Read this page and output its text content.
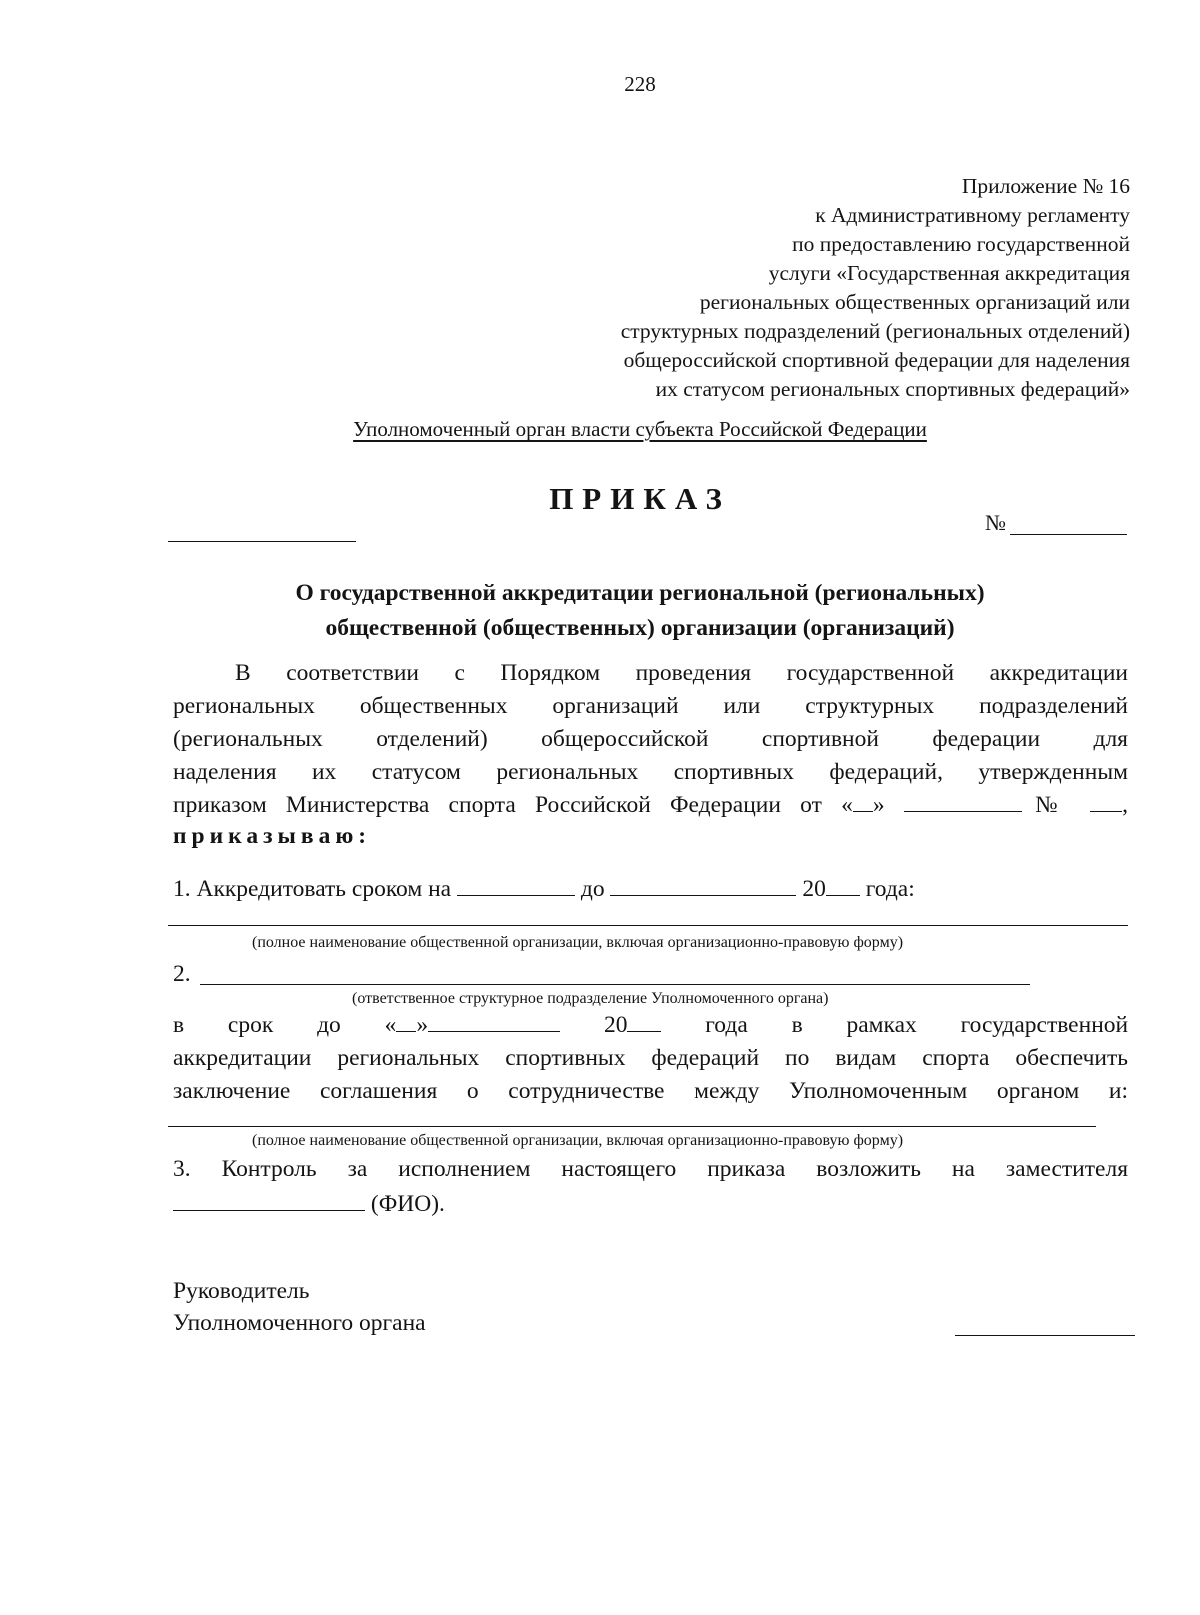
228
Приложение № 16
к Административному регламенту
по предоставлению государственной
услуги «Государственная аккредитация
региональных общественных организаций или
структурных подразделений (региональных отделений)
общероссийской спортивной федерации для наделения
их статусом региональных спортивных федераций»
Уполномоченный орган власти субъекта Российской Федерации
ПРИКАЗ
№
О государственной аккредитации региональной (региональных)
общественной (общественных) организации (организаций)
В соответствии с Порядком проведения государственной аккредитации
региональных общественных организаций или структурных подразделений
(региональных отделений) общероссийской спортивной федерации для
наделения их статусом региональных спортивных федераций, утвержденным
приказом Министерства спорта Российской Федерации от « »	№ ,
приказываю:
1. Аккредитовать сроком на	до	20 года:
(полное наименование общественной организации, включая организационно-правовую форму)
2.
(ответственное структурное подразделение Уполномоченного органа)
в срок до « »	20	года в рамках государственной
аккредитации региональных спортивных федераций по видам спорта обеспечить
заключение соглашения о сотрудничестве между Уполномоченным органом и:
(полное наименование общественной организации, включая организационно-правовую форму)
3. Контроль за исполнением настоящего приказа возложить на заместителя
(ФИО).
Руководитель
Уполномоченного органа
